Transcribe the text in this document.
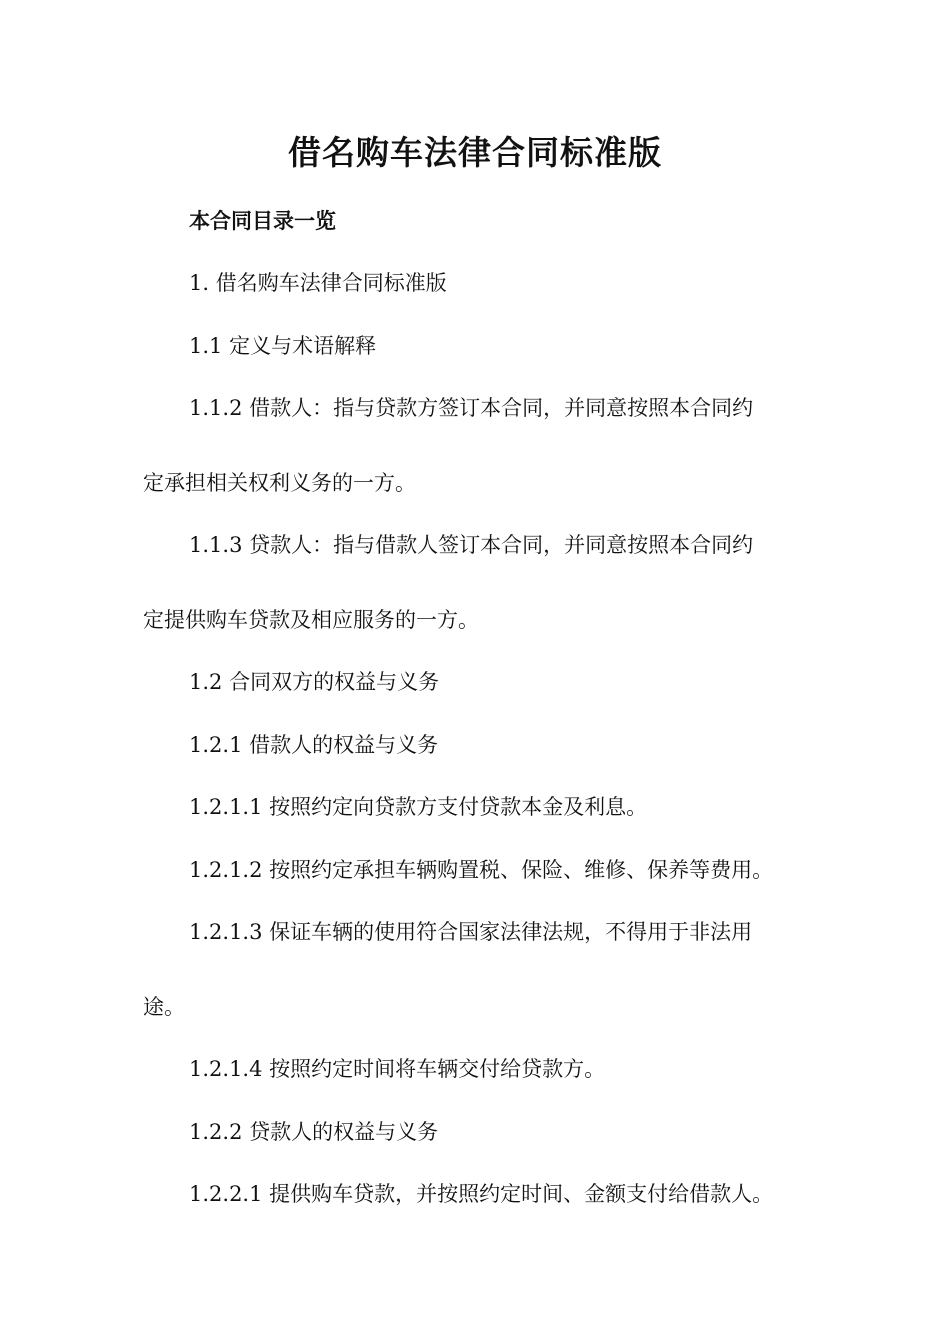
借名购车法律合同标准版

本合同目录一览

1. 借名购车法律合同标准版

1.1 定义与术语解释

1.1.2 借款人：指与贷款方签订本合同，并同意按照本合同约

定承担相关权利义务的一方。

1.1.3 贷款人：指与借款人签订本合同，并同意按照本合同约

定提供购车贷款及相应服务的一方。

1.2 合同双方的权益与义务

1.2.1 借款人的权益与义务

1.2.1.1 按照约定向贷款方支付贷款本金及利息。

1.2.1.2 按照约定承担车辆购置税、保险、维修、保养等费用。

1.2.1.3 保证车辆的使用符合国家法律法规，不得用于非法用

途。

1.2.1.4 按照约定时间将车辆交付给贷款方。

1.2.2 贷款人的权益与义务

1.2.2.1 提供购车贷款，并按照约定时间、金额支付给借款人。
